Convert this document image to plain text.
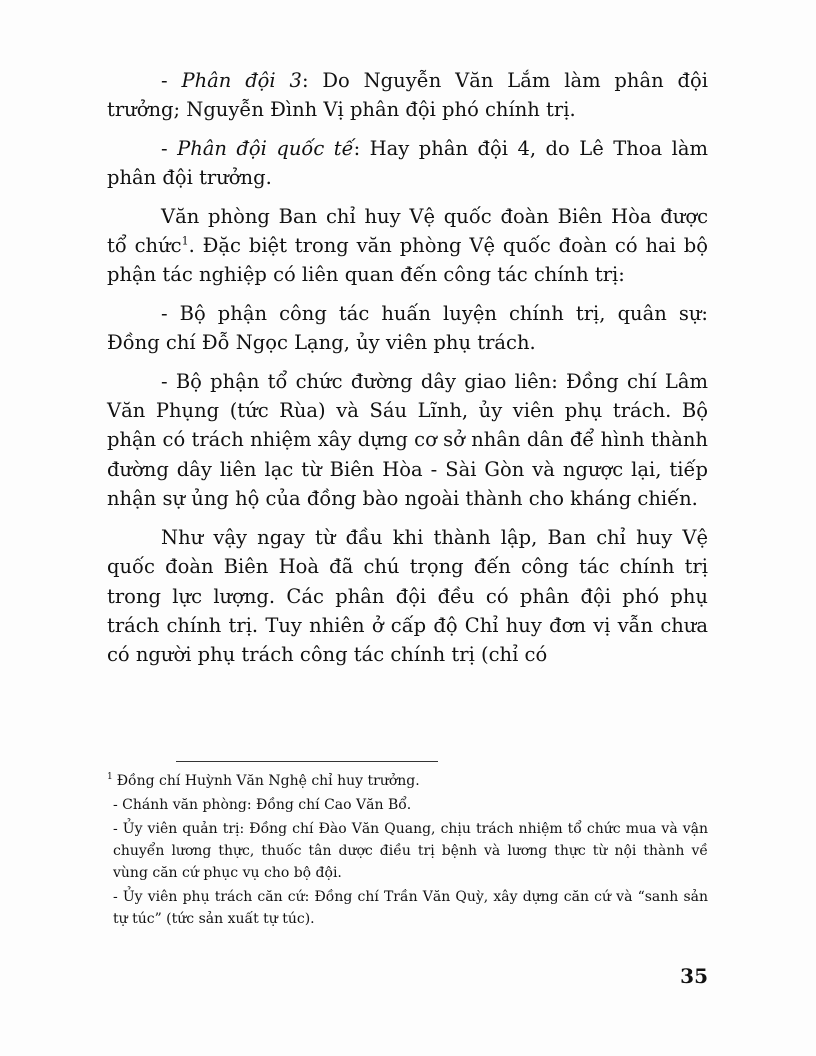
- Phân đội 3: Do Nguyễn Văn Lắm làm phân đội trưởng; Nguyễn Đình Vị phân đội phó chính trị.

- Phân đội quốc tế: Hay phân đội 4, do Lê Thoa làm phân đội trưởng.

Văn phòng Ban chỉ huy Vệ quốc đoàn Biên Hòa được tổ chức$^1$. Đặc biệt trong văn phòng Vệ quốc đoàn có hai bộ phận tác nghiệp có liên quan đến công tác chính trị:

- Bộ phận công tác huấn luyện chính trị, quân sự: Đồng chí Đỗ Ngọc Lạng, ủy viên phụ trách.

- Bộ phận tổ chức đường dây giao liên: Đồng chí Lâm Văn Phụng (tức Rùa) và Sáu Lĩnh, ủy viên phụ trách. Bộ phận có trách nhiệm xây dựng cơ sở nhân dân để hình thành đường dây liên lạc từ Biên Hòa - Sài Gòn và ngược lại, tiếp nhận sự ủng hộ của đồng bào ngoài thành cho kháng chiến.

Như vậy ngay từ đầu khi thành lập, Ban chỉ huy Vệ quốc đoàn Biên Hoà đã chú trọng đến công tác chính trị trong lực lượng. Các phân đội đều có phân đội phó phụ trách chính trị. Tuy nhiên ở cấp độ Chỉ huy đơn vị vẫn chưa có người phụ trách công tác chính trị (chỉ có

$^1$ Đồng chí Huỳnh Văn Nghệ chỉ huy trưởng.

- Chánh văn phòng: Đồng chí Cao Văn Bổ.

- Ủy viên quản trị: Đồng chí Đào Văn Quang, chịu trách nhiệm tổ chức mua và vận chuyển lương thực, thuốc tân dược điều trị bệnh và lương thực từ nội thành về vùng căn cứ phục vụ cho bộ đội.

- Ủy viên phụ trách căn cứ: Đồng chí Trần Văn Quỳ, xây dựng căn cứ và “sanh sản tự túc” (tức sản xuất tự túc).

35
